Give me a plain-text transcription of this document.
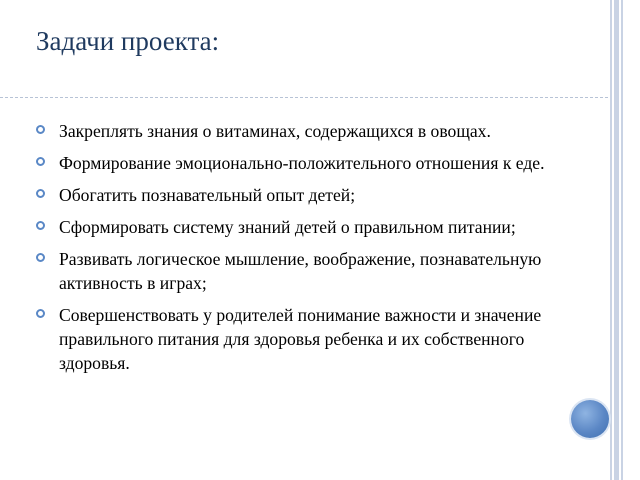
Задачи проекта:
Закреплять знания о витаминах, содержащихся в овощах.
Формирование эмоционально-положительного отношения к еде.
Обогатить познавательный опыт детей;
Сформировать систему знаний детей о правильном питании;
Развивать логическое мышление, воображение, познавательную активность в играх;
Совершенствовать у родителей понимание важности и значение правильного питания для здоровья ребенка и их собственного здоровья.
